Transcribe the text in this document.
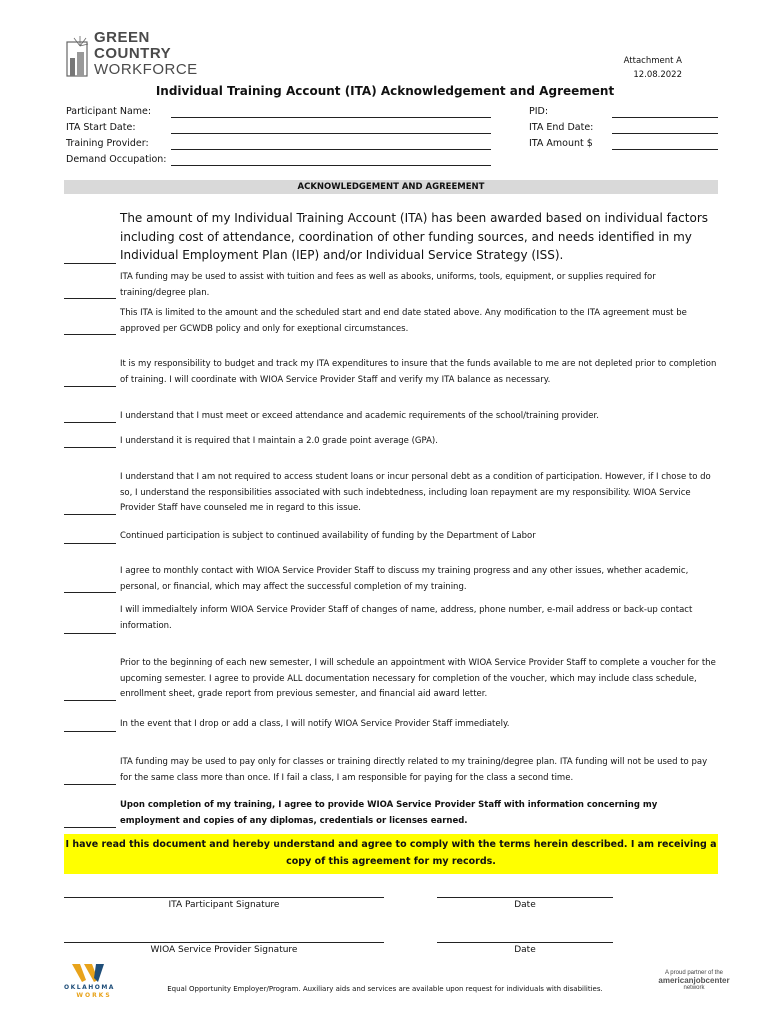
GREEN
COUNTRY
WORKFORCE	Attachment A
12.08.2022
Individual Training Account (ITA) Acknowledgement and Agreement
Participant Name:
ITA Start Date:
Training Provider:
Demand Occupation:
PID:
ITA End Date:
ITA Amount $
ACKNOWLEDGEMENT AND AGREEMENT
The amount of my Individual Training Account (ITA) has been awarded based on individual factors including cost of attendance, coordination of other funding sources, and needs identified in my Individual Employment Plan (IEP) and/or Individual Service Strategy (ISS).
ITA funding may be used to assist with tuition and fees as well as abooks, uniforms, tools, equipment, or supplies required for training/degree plan.
This ITA is limited to the amount and the scheduled start and end date stated above. Any modification to the ITA agreement must be approved per GCWDB policy and only for exeptional circumstances.
It is my responsibility to budget and track my ITA expenditures to insure that the funds available to me are not depleted prior to completion of training. I will coordinate with WIOA Service Provider Staff and verify my ITA balance as necessary.
I understand that I must meet or exceed attendance and academic requirements of the school/training provider.
I understand it is required that I maintain a 2.0 grade point average (GPA).
I understand that I am not required to access student loans or incur personal debt as a condition of participation. However, if I chose to do so, I understand the responsibilities associated with such indebtedness, including loan repayment are my responsibility. WIOA Service Provider Staff have counseled me in regard to this issue.
Continued participation is subject to continued availability of funding by the Department of Labor
I agree to monthly contact with WIOA Service Provider Staff to discuss my training progress and any other issues, whether academic, personal, or financial, which may affect the successful completion of my training.
I will immedialtely inform WIOA Service Provider Staff of changes of name, address, phone number, e-mail address or back-up contact information.
Prior to the beginning of each new semester, I will schedule an appointment with WIOA Service Provider Staff to complete a voucher for the upcoming semester. I agree to provide ALL documentation necessary for completion of the voucher, which may include class schedule, enrollment sheet, grade report from previous semester, and financial aid award letter.
In the event that I drop or add a class, I will notify WIOA Service Provider Staff immediately.
ITA funding may be used to pay only for classes or training directly related to my training/degree plan. ITA funding will not be used to pay for the same class more than once. If I fail a class, I am responsible for paying for the class a second time.
Upon completion of my training, I agree to provide WIOA Service Provider Staff with information concerning my employment and copies of any diplomas, credentials or licenses earned.
I have read this document and hereby understand and agree to comply with the terms herein described. I am receiving a copy of this agreement for my records.
ITA Participant Signature	Date
WIOA Service Provider Signature	Date
OKLAHOMA
WORKS
Equal Opportunity Employer/Program. Auxiliary aids and services are available upon request for individuals with disabilities.
A proud partner of the
americanjobcenter
network
